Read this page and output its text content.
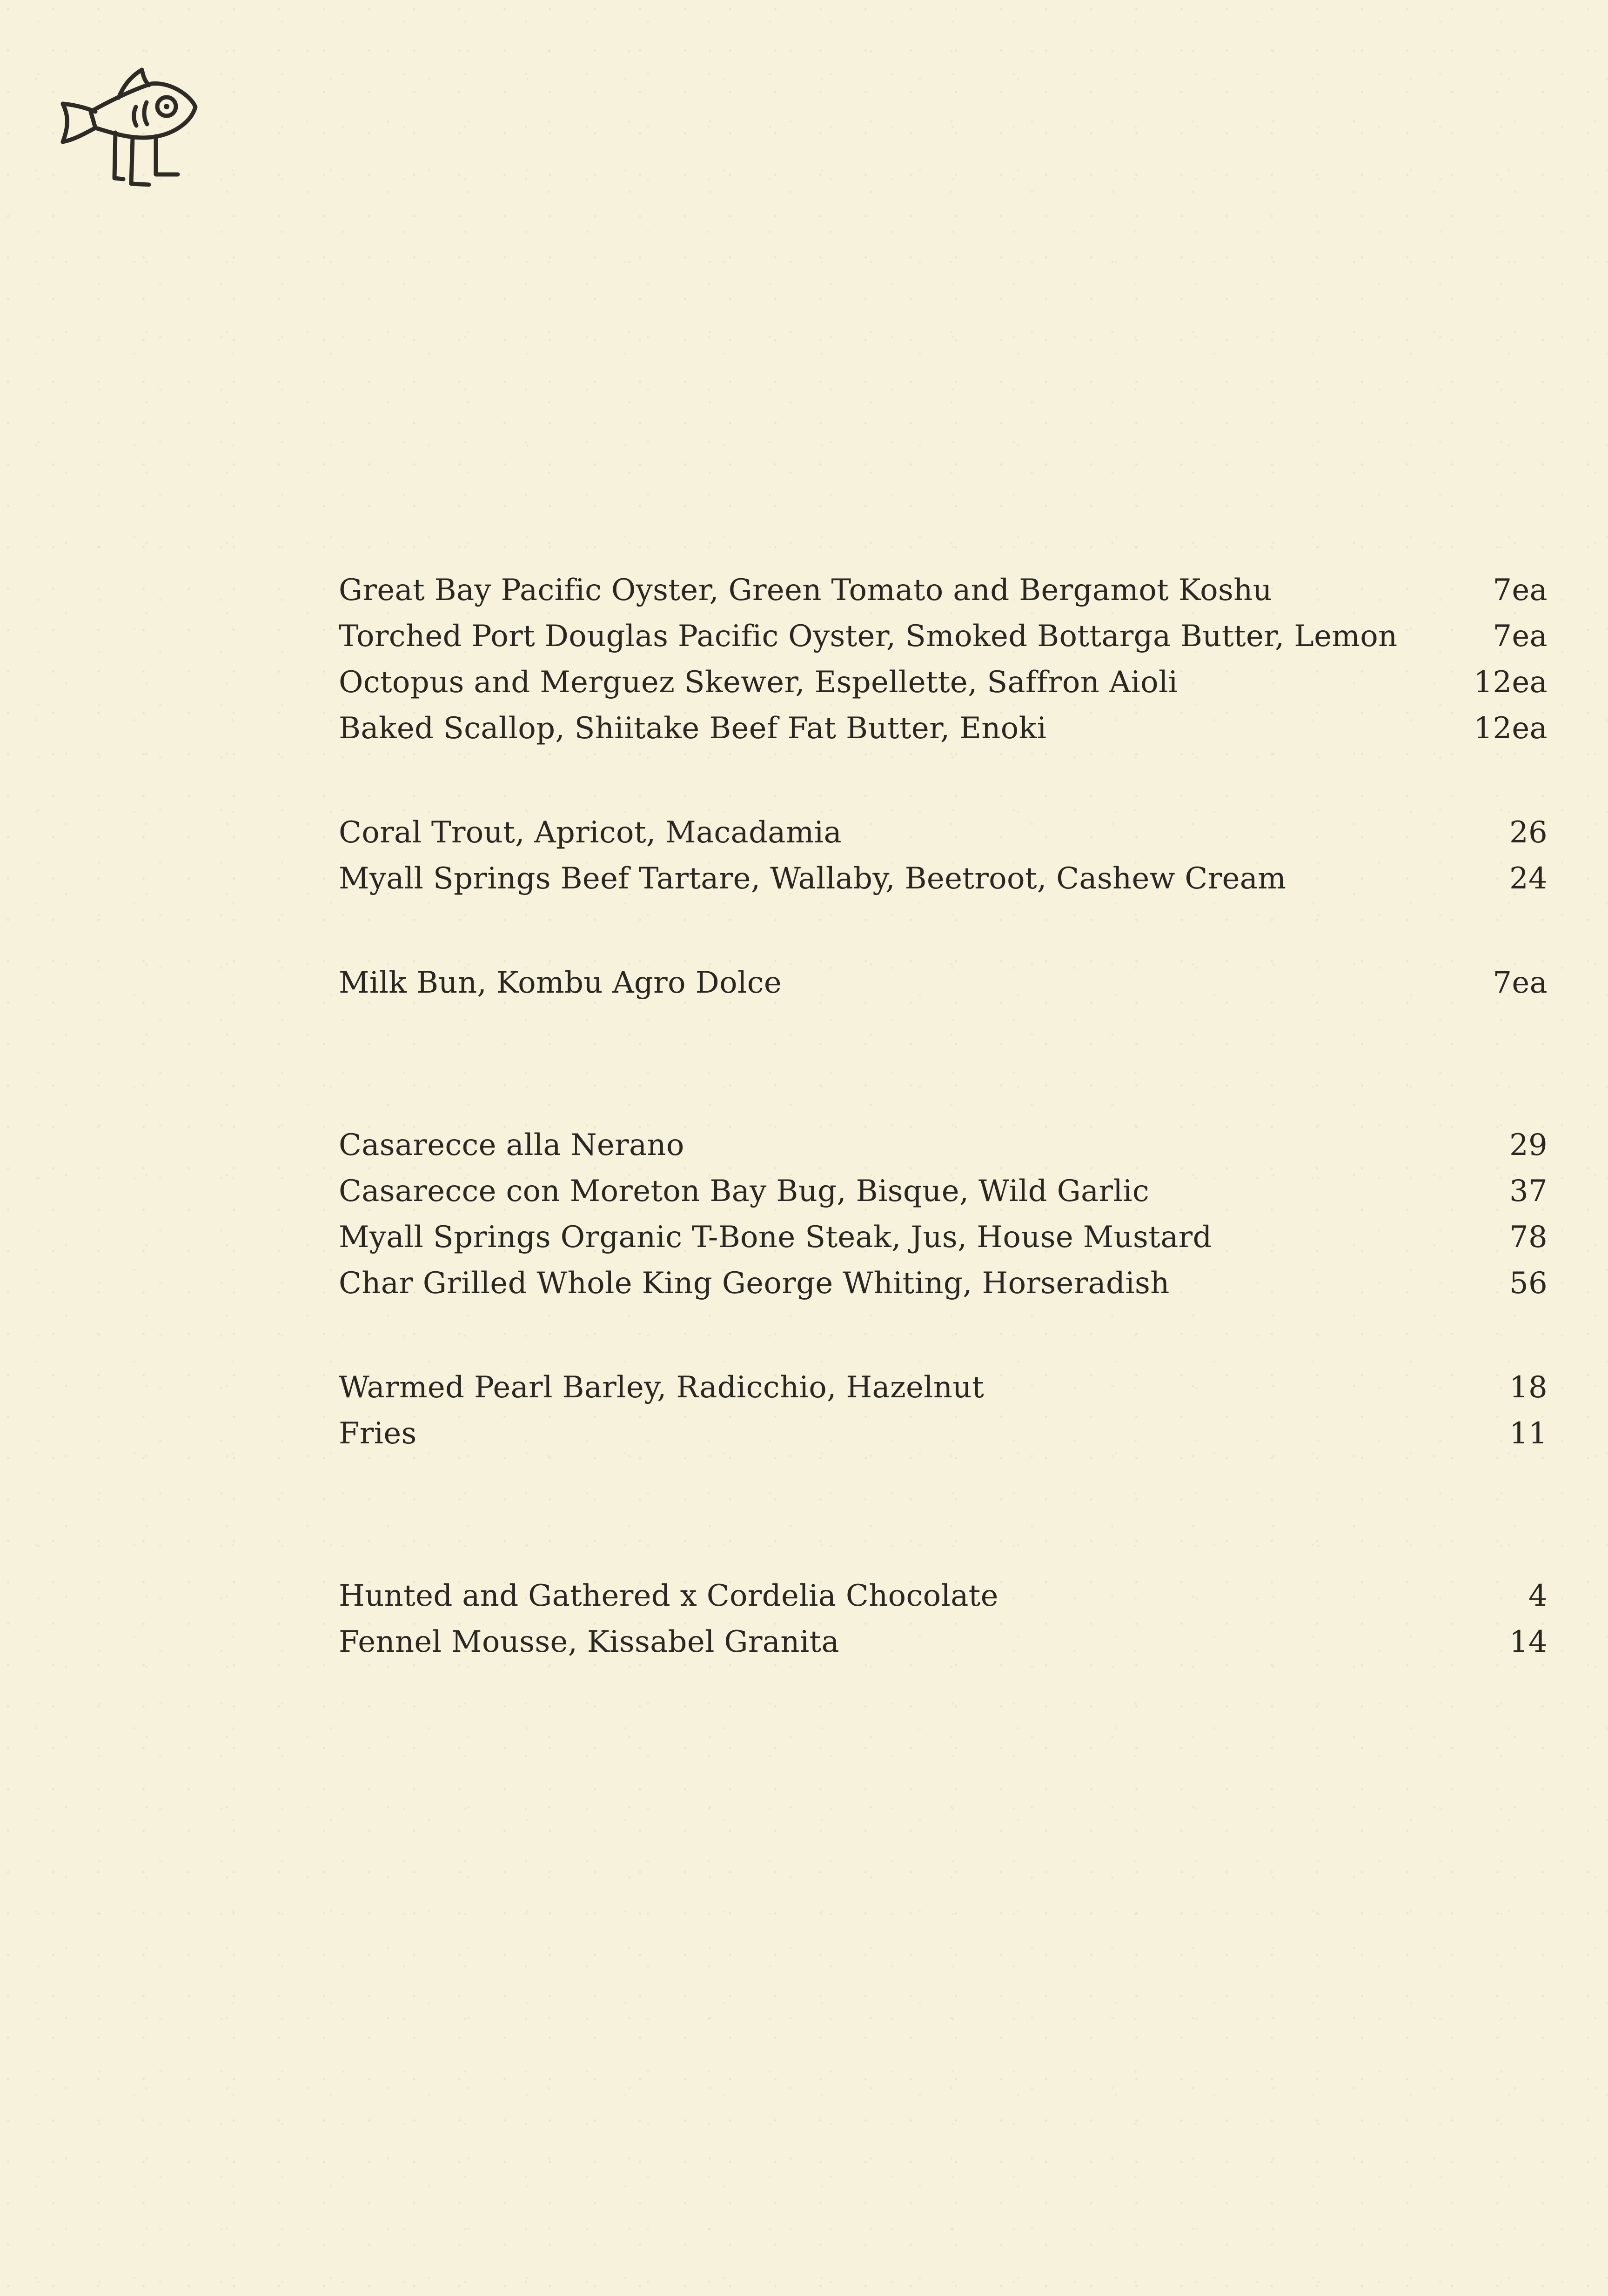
Great Bay Pacific Oyster, Green Tomato and Bergamot Koshu	7ea
Torched Port Douglas Pacific Oyster, Smoked Bottarga Butter, Lemon	7ea
Octopus and Merguez Skewer, Espellette, Saffron Aioli	12ea
Baked Scallop, Shiitake Beef Fat Butter, Enoki	12ea
Coral Trout, Apricot, Macadamia	26
Myall Springs Beef Tartare, Wallaby, Beetroot, Cashew Cream	24
Milk Bun, Kombu Agro Dolce	7ea
Casarecce alla Nerano	29
Casarecce con Moreton Bay Bug, Bisque, Wild Garlic	37
Myall Springs Organic T-Bone Steak, Jus, House Mustard	78
Char Grilled Whole King George Whiting, Horseradish	56
Warmed Pearl Barley, Radicchio, Hazelnut	18
Fries	11
Hunted and Gathered x Cordelia Chocolate	4
Fennel Mousse, Kissabel Granita	14
